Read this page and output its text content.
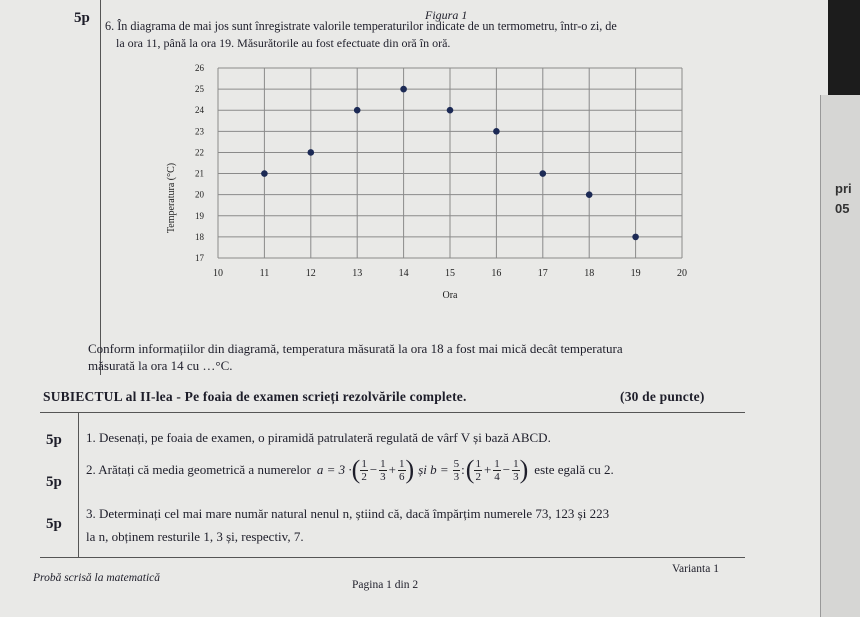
5p	Figura 1
6. În diagrama de mai jos sunt înregistrate valorile temperaturilor indicate de un termometru, într-o zi, de
la ora 11, până la ora 19. Măsurătorile au fost efectuate din oră în oră.
10	11	12	13	14	15	16	17	18	19	20
17
18
19
20
21
22
23
24
25
26
Ora
Temperatura (°C)
Conform informațiilor din diagramă, temperatura măsurată la ora 18 a fost mai mică decât temperatura
măsurată la ora 14 cu …°C.
SUBIECTUL al II-lea - Pe foaia de examen scrieți rezolvările complete.	(30 de puncte)
5p 1. Desenați, pe foaia de examen, o piramidă patrulateră regulată de vârf V și bază ABCD.
5p
2. Arătați că media geometrică a numerelor a = 3 · ( $\frac{1}{2} - \frac{1}{3} + \frac{1}{6}$ ) și $b = \frac{5}{3}$ : ( $\frac{1}{2} + \frac{1}{4} - \frac{1}{3}$ ) este egală cu 2.
5p
3. Determinați cel mai mare număr natural nenul n, știind că, dacă împărțim numerele 73, 123 și 223
la n, obținem resturile 1, 3 și, respectiv, 7.
Probă scrisă la matematică
Pagina 1 din 2
Varianta 1
pri
05
